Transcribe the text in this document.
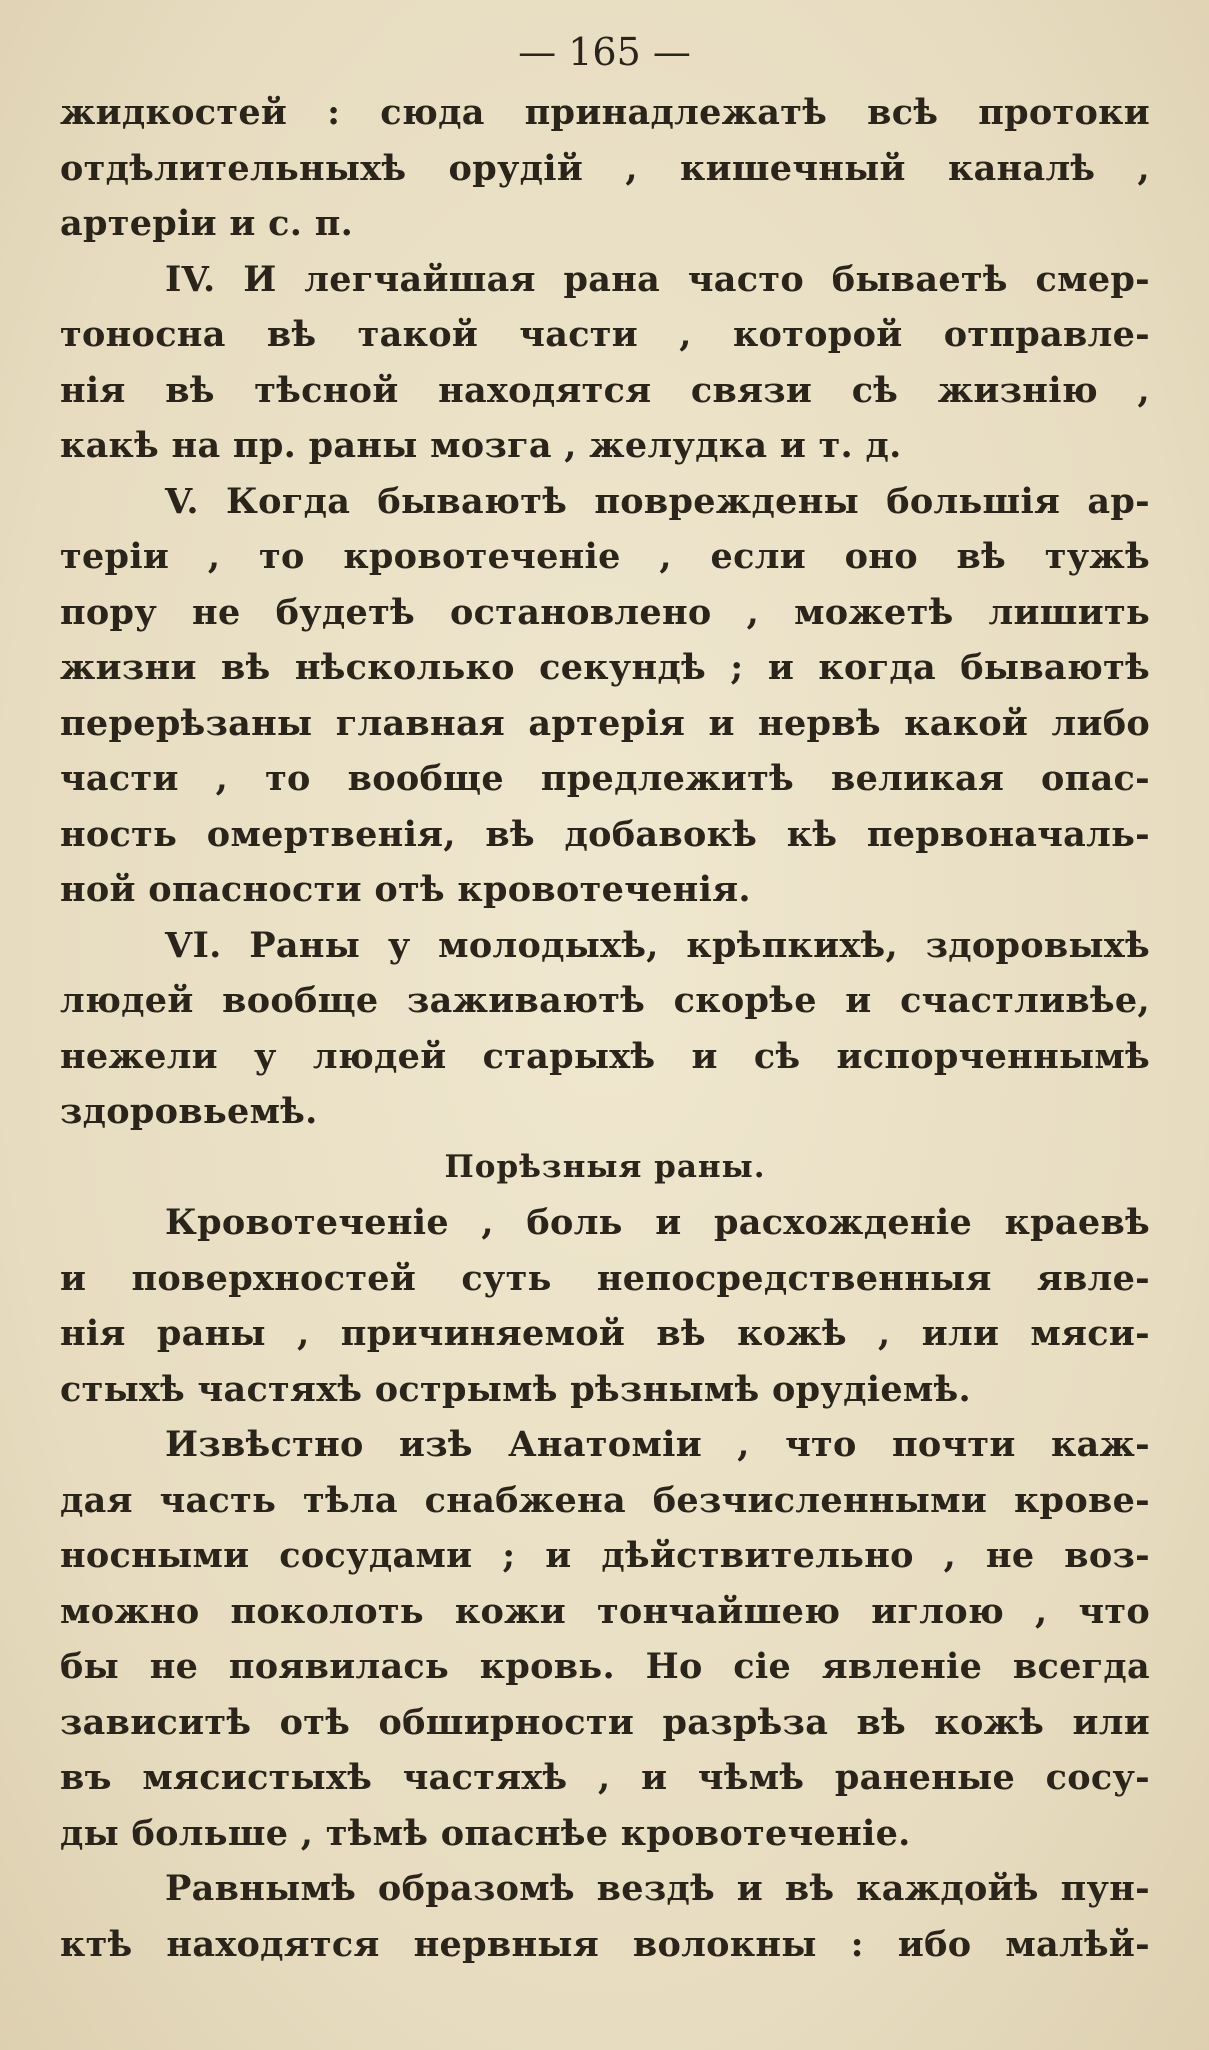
— 165 —
жидкостей : сюда принадлежатѣ всѣ протоки
отдѣлительныхѣ орудій , кишечный каналѣ ,
артеріи и с. п.
IV. И легчайшая рана часто бываетѣ смер-
тоносна вѣ такой части , которой отправле-
нія вѣ тѣсной находятся связи сѣ жизнію ,
какѣ на пр. раны мозга , желудка и т. д.
V. Когда бываютѣ повреждены большія ар-
теріи , то кровотеченіе , если оно вѣ тужѣ
пору не будетѣ остановлено , можетѣ лишить
жизни вѣ нѣсколько секундѣ ; и когда бываютѣ
перерѣзаны главная артерія и нервѣ какой либо
части , то вообще предлежитѣ великая опас-
ность омертвенія, вѣ добавокѣ кѣ первоначаль-
ной опасности отѣ кровотеченія.
VI. Раны у молодыхѣ, крѣпкихѣ, здоровыхѣ
людей вообще заживаютѣ скорѣе и счастливѣе,
нежели у людей старыхѣ и сѣ испорченнымѣ
здоровьемѣ.
Порѣзныя раны.
Кровотеченіе , боль и расхожденіе краевѣ
и поверхностей суть непосредственныя явле-
нія раны , причиняемой вѣ кожѣ , или мяси-
стыхѣ частяхѣ острымѣ рѣзнымѣ орудіемѣ.
Извѣстно изѣ Анатоміи , что почти каж-
дая часть тѣла снабжена безчисленными крове-
носными сосудами ; и дѣйствительно , не воз-
можно поколоть кожи тончайшею иглою , что
бы не появилась кровь. Но сіе явленіе всегда
зависитѣ отѣ обширности разрѣза вѣ кожѣ или
въ мясистыхѣ частяхѣ , и чѣмѣ раненые сосу-
ды больше , тѣмѣ опаснѣе кровотеченіе.
Равнымѣ образомѣ вездѣ и вѣ каждойѣ пун-
ктѣ находятся нервныя волокны : ибо малѣй-
